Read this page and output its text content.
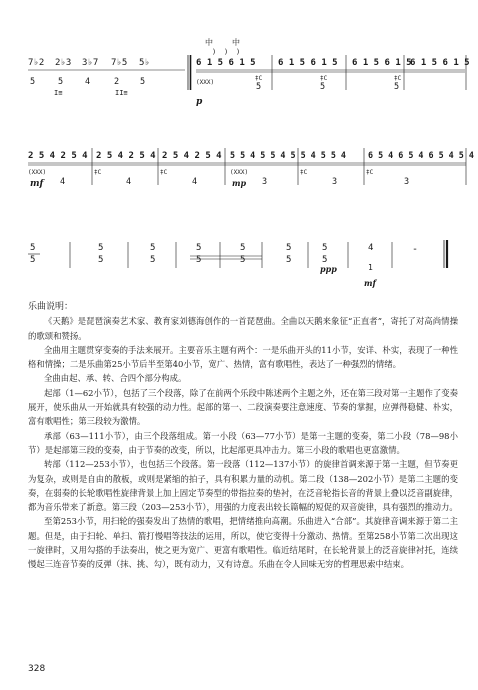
中 中
) ) )
7♭2 2♭3 3♭7 7♭5 5♭	6 1 5 6 1 5 6 1 5 6 1 5 6 1 5 6 1 5
6 1 5 6 1 5
5	5	4	2 5	5	5	5
I≡	II≡
(XXX)
‡C	‡C	‡C
p
2 5 4 2 5 4 2 5 4 2 5 4 2 5 4 2 5 4 5 5 4 5 5 4 5 5 4 5 5 4	6 5 4 6 5 4 6 5 4 5 4
(XXX)	‡C	‡C	(XXX)	‡C	‡C
4	4	4	3	3	3
mf	mp
5	5	5	5	5	5	5	4	-
5	5	5	5	5	5	5
1
ppp
mf

乐曲说明：

《天鹅》是琵琶演奏艺术家、教育家刘德海创作的一首琵琶曲。全曲以天鹅来象征“正直者”，寄托了对高尚情操的歌颂和赞扬。

全曲用主题贯穿变奏的手法来展开。主要音乐主题有两个：一是乐曲开头的11小节，安详、朴实，表现了一种性格和情操；二是乐曲第25小节后半至第40小节，宽广、热情，富有歌唱性，表达了一种强烈的情绪。

全曲由起、承、转、合四个部分构成。

起部（1—62小节），包括了三个段落，除了在前两个乐段中陈述两个主题之外，还在第三段对第一主题作了变奏展开，使乐曲从一开始就具有较强的动力性。起部的第一、二段演奏要注意速度、节奏的掌握，应弹得稳健、朴实，富有歌唱性；第三段较为激情。

承部（63—111小节），由三个段落组成。第一小段（63—77小节）是第一主题的变奏，第二小段（78—98小节）是起部第三段的变奏，由于节奏的改变，所以，比起部更具冲击力。第三小段的歌唱也更富激情。

转部（112—253小节），也包括三个段落。第一段落（112—137小节）的旋律首调来源于第一主题，但节奏更为复杂，或则是自由的散板，或则是紧缩的拍子，具有积累力量的动机。第二段（138—202小节）是第二主题的变奏，在弱奏的长轮歌唱性旋律背景上加上固定节奏型的带指拉奏的垫衬，在泛音轮指长音的背景上叠以泛音副旋律，都为音乐带来了新意。第三段（203—253小节），用强的力度表出较长篇幅的短促的双音旋律，具有强烈的推动力。

至第253小节，用扫轮的强奏发出了热情的歌唱，把情绪推向高潮。乐曲进入“合部”。其旋律音调来源于第二主题。但是，由于扫轮、单扫、箭打慢唱等技法的运用，所以，使它变得十分激动、热情。至第258小节第二次出现这一旋律时，又用勾搭的手法奏出，使之更为宽广、更富有歌唱性。临近结尾时，在长轮背景上的泛音旋律衬托，连续慢起三连音节奏的反弹（抹、挑、勾），既有动力，又有诗意。乐曲在令人回味无穷的哲理思索中结束。

328
